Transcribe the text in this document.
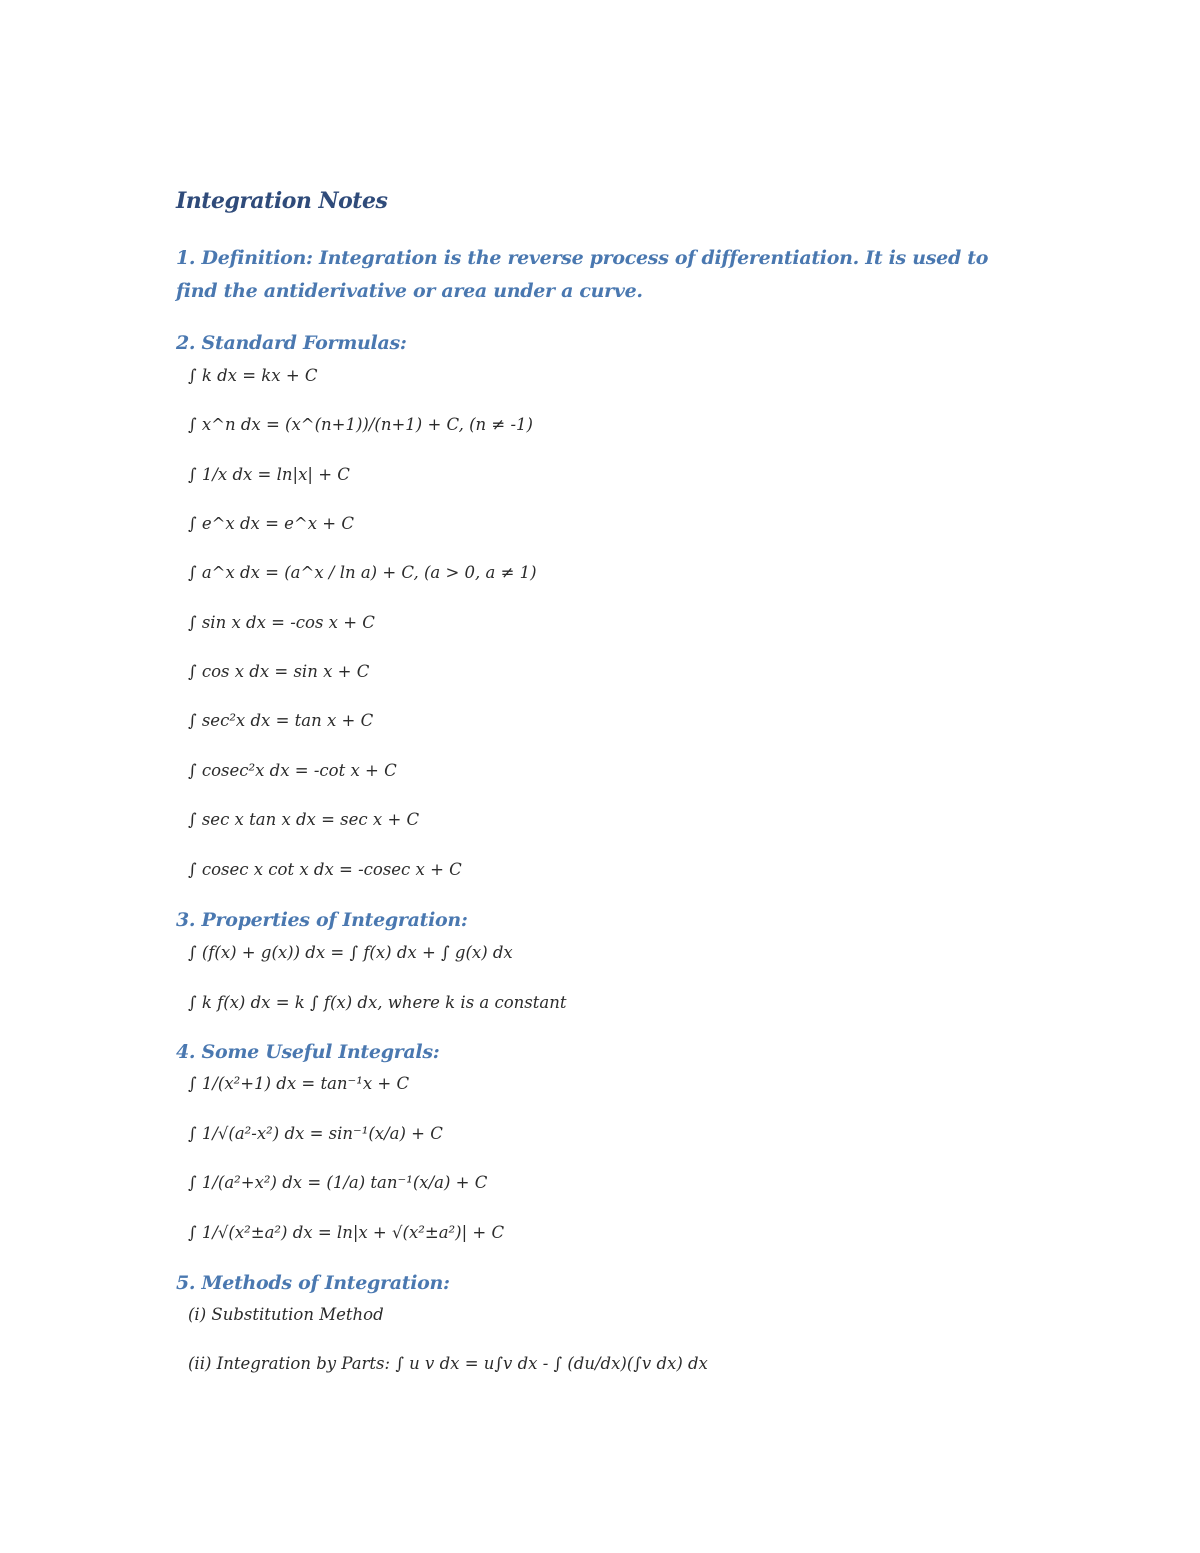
Integration Notes
1. Definition: Integration is the reverse process of differentiation. It is used to find the antiderivative or area under a curve.
2. Standard Formulas:
∫ k dx = kx + C
∫ x^n dx = (x^(n+1))/(n+1) + C, (n ≠ -1)
∫ 1/x dx = ln|x| + C
∫ e^x dx = e^x + C
∫ a^x dx = (a^x / ln a) + C, (a > 0, a ≠ 1)
∫ sin x dx = -cos x + C
∫ cos x dx = sin x + C
∫ sec²x dx = tan x + C
∫ cosec²x dx = -cot x + C
∫ sec x tan x dx = sec x + C
∫ cosec x cot x dx = -cosec x + C
3. Properties of Integration:
∫ (f(x) + g(x)) dx = ∫ f(x) dx + ∫ g(x) dx
∫ k f(x) dx = k ∫ f(x) dx, where k is a constant
4. Some Useful Integrals:
∫ 1/(x²+1) dx = tan⁻¹x + C
∫ 1/√(a²-x²) dx = sin⁻¹(x/a) + C
∫ 1/(a²+x²) dx = (1/a) tan⁻¹(x/a) + C
∫ 1/√(x²±a²) dx = ln|x + √(x²±a²)| + C
5. Methods of Integration:
(i) Substitution Method
(ii) Integration by Parts: ∫ u v dx = u∫v dx - ∫ (du/dx)(∫v dx) dx
